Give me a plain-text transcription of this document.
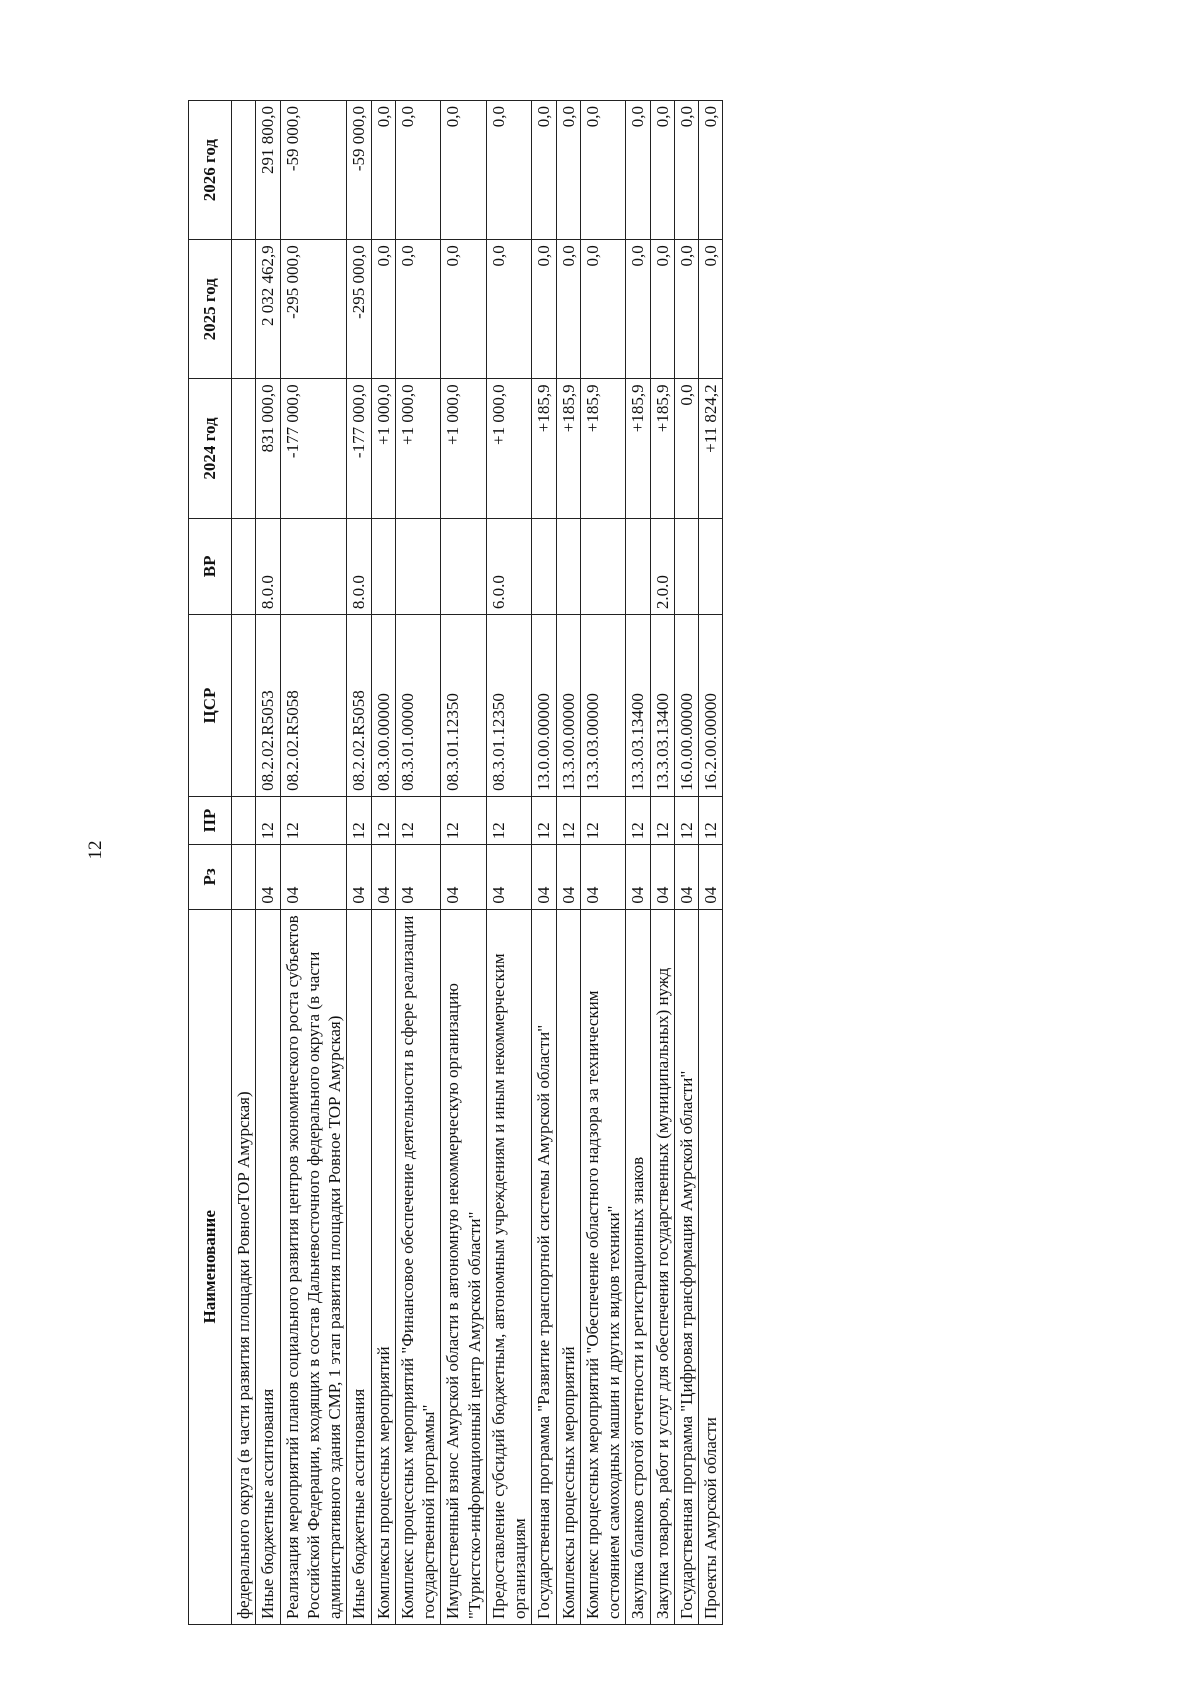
12
Наименование	Рз	ПР	ЦСР	ВР	2024 год	2025 год	2026 год
федерального округа (в части развития площадки РовноеТОР Амурская)							
Иные бюджетные ассигнования	04	12	08.2.02.R5053	8.0.0	831 000,0	2 032 462,9	291 800,0
Реализация мероприятий планов социального развития центров экономического роста субъектов Российской Федерации, входящих в состав Дальневосточного федерального округа (в части административного здания СМР, 1 этап развития площадки Ровное ТОР Амурская)	04	12	08.2.02.R5058		-177 000,0	-295 000,0	-59 000,0
Иные бюджетные ассигнования	04	12	08.2.02.R5058	8.0.0	-177 000,0	-295 000,0	-59 000,0
Комплексы процессных мероприятий	04	12	08.3.00.00000		+1 000,0	0,0	0,0
Комплекс процессных мероприятий "Финансовое обеспечение деятельности в сфере реализации государственной программы"	04	12	08.3.01.00000		+1 000,0	0,0	0,0
Имущественный взнос Амурской области в автономную некоммерческую организацию "Туристско-информационный центр Амурской области"	04	12	08.3.01.12350		+1 000,0	0,0	0,0
Предоставление субсидий бюджетным, автономным учреждениям и иным некоммерческим организациям	04	12	08.3.01.12350	6.0.0	+1 000,0	0,0	0,0
Государственная программа "Развитие транспортной системы Амурской области"	04	12	13.0.00.00000		+185,9	0,0	0,0
Комплексы процессных мероприятий	04	12	13.3.00.00000		+185,9	0,0	0,0
Комплекс процессных мероприятий "Обеспечение областного надзора за техническим состоянием самоходных машин и других видов техники"	04	12	13.3.03.00000		+185,9	0,0	0,0
Закупка бланков строгой отчетности и регистрационных знаков	04	12	13.3.03.13400		+185,9	0,0	0,0
Закупка товаров, работ и услуг для обеспечения государственных (муниципальных) нужд	04	12	13.3.03.13400	2.0.0	+185,9	0,0	0,0
Государственная программа "Цифровая трансформация Амурской области"	04	12	16.0.00.00000		0,0	0,0	0,0
Проекты Амурской области	04	12	16.2.00.00000		+11 824,2	0,0	0,0
